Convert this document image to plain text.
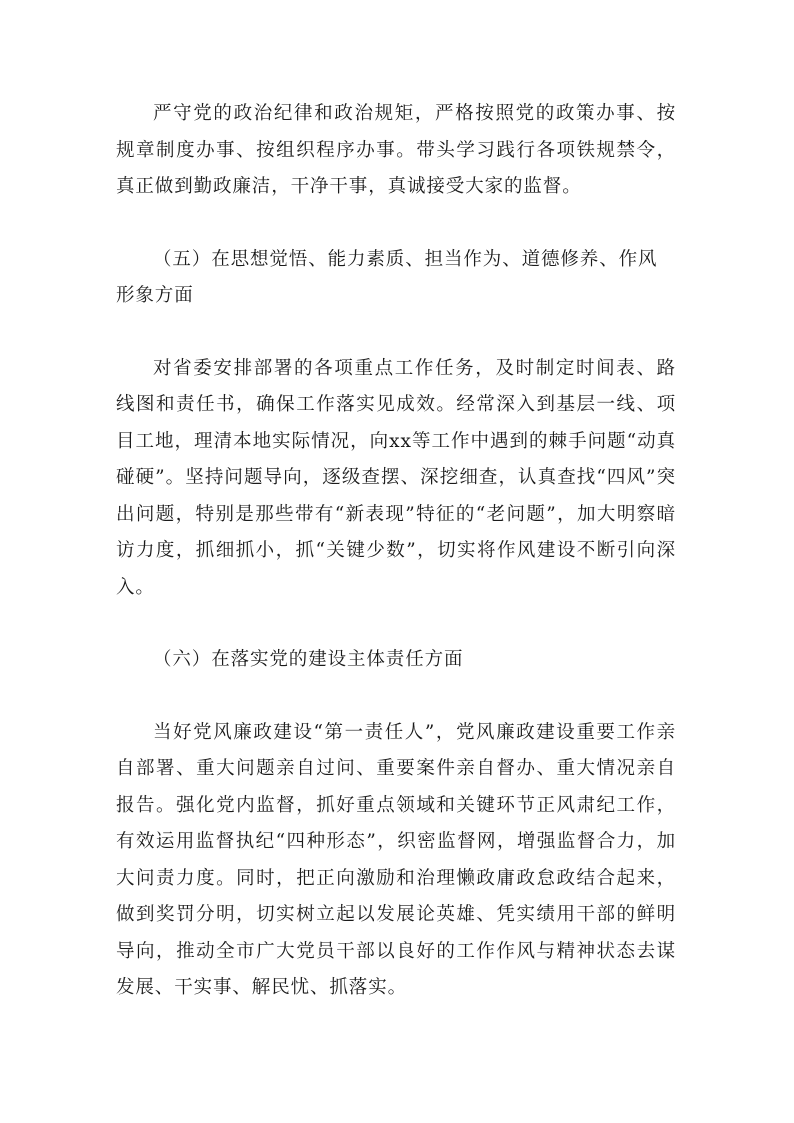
严守党的政治纪律和政治规矩，严格按照党的政策办事、按规章制度办事、按组织程序办事。带头学习践行各项铁规禁令，真正做到勤政廉洁，干净干事，真诚接受大家的监督。

（五）在思想觉悟、能力素质、担当作为、道德修养、作风形象方面

对省委安排部署的各项重点工作任务，及时制定时间表、路线图和责任书，确保工作落实见成效。经常深入到基层一线、项目工地，理清本地实际情况，向xx等工作中遇到的棘手问题“动真碰硬”。坚持问题导向，逐级查摆、深挖细查，认真查找“四风”突出问题，特别是那些带有“新表现”特征的“老问题”，加大明察暗访力度，抓细抓小，抓“关键少数”，切实将作风建设不断引向深入。

（六）在落实党的建设主体责任方面

当好党风廉政建设“第一责任人”，党风廉政建设重要工作亲自部署、重大问题亲自过问、重要案件亲自督办、重大情况亲自报告。强化党内监督，抓好重点领域和关键环节正风肃纪工作，有效运用监督执纪“四种形态”，织密监督网，增强监督合力，加大问责力度。同时，把正向激励和治理懒政庸政怠政结合起来，做到奖罚分明，切实树立起以发展论英雄、凭实绩用干部的鲜明导向，推动全市广大党员干部以良好的工作作风与精神状态去谋发展、干实事、解民忧、抓落实。
